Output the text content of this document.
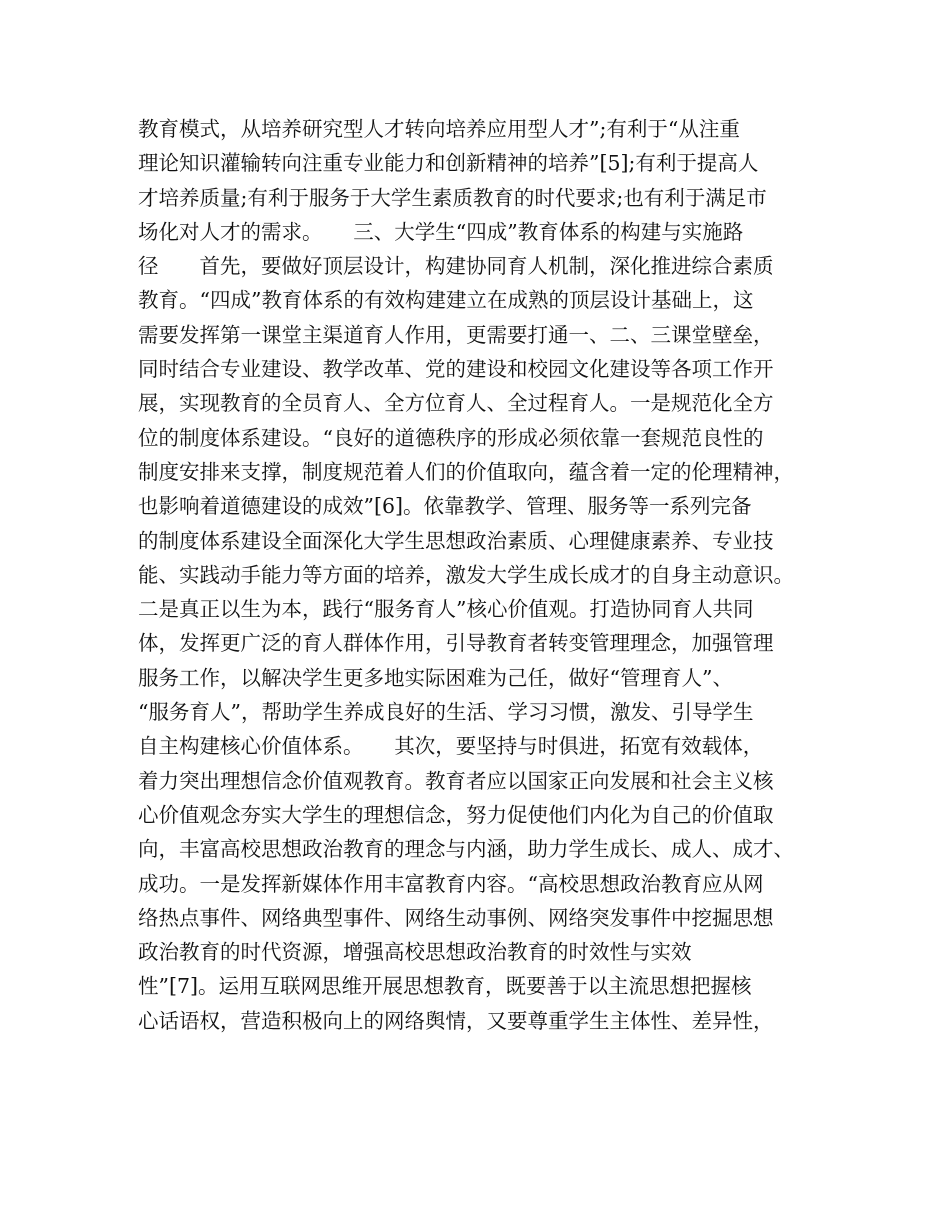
教育模式，从培养研究型人才转向培养应用型人才”;有利于“从注重
理论知识灌输转向注重专业能力和创新精神的培养”[5];有利于提高人
才培养质量;有利于服务于大学生素质教育的时代要求;也有利于满足市
场化对人才的需求。　　三、大学生“四成”教育体系的构建与实施路
径　　首先，要做好顶层设计，构建协同育人机制，深化推进综合素质
教育。“四成”教育体系的有效构建建立在成熟的顶层设计基础上，这
需要发挥第一课堂主渠道育人作用，更需要打通一、二、三课堂壁垒，
同时结合专业建设、教学改革、党的建设和校园文化建设等各项工作开
展，实现教育的全员育人、全方位育人、全过程育人。一是规范化全方
位的制度体系建设。“良好的道德秩序的形成必须依靠一套规范良性的
制度安排来支撑，制度规范着人们的价值取向，蕴含着一定的伦理精神，
也影响着道德建设的成效”[6]。依靠教学、管理、服务等一系列完备
的制度体系建设全面深化大学生思想政治素质、心理健康素养、专业技
能、实践动手能力等方面的培养，激发大学生成长成才的自身主动意识。
二是真正以生为本，践行“服务育人”核心价值观。打造协同育人共同
体，发挥更广泛的育人群体作用，引导教育者转变管理理念，加强管理
服务工作，以解决学生更多地实际困难为己任，做好“管理育人”、
“服务育人”，帮助学生养成良好的生活、学习习惯，激发、引导学生
自主构建核心价值体系。　　其次，要坚持与时俱进，拓宽有效载体，
着力突出理想信念价值观教育。教育者应以国家正向发展和社会主义核
心价值观念夯实大学生的理想信念，努力促使他们内化为自己的价值取
向，丰富高校思想政治教育的理念与内涵，助力学生成长、成人、成才、
成功。一是发挥新媒体作用丰富教育内容。“高校思想政治教育应从网
络热点事件、网络典型事件、网络生动事例、网络突发事件中挖掘思想
政治教育的时代资源，增强高校思想政治教育的时效性与实效
性”[7]。运用互联网思维开展思想教育，既要善于以主流思想把握核
心话语权，营造积极向上的网络舆情，又要尊重学生主体性、差异性，
